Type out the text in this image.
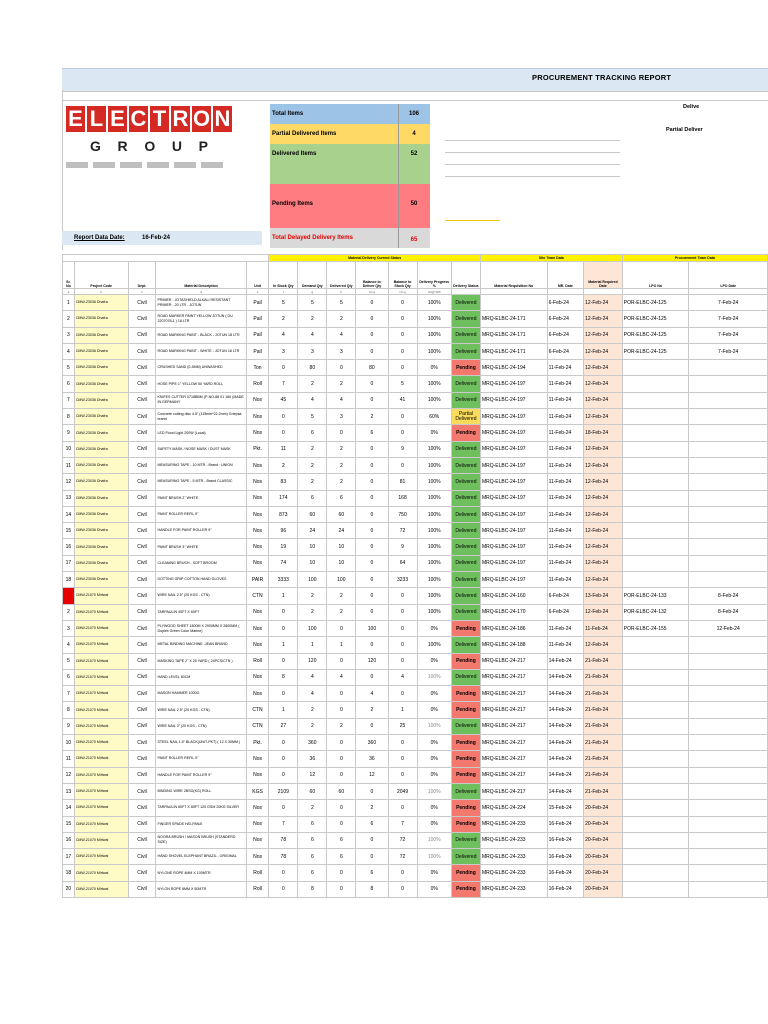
PROCUREMENT TRACKING REPORT
E L E C T R O N
G R O U P
Total Items	106
Partial Delivered Items	4
Delivered Items	52
Pending Items	50
Total Delayed Delivery Items	65
Report Data Date:	16-Feb-24
Delive
Partial Deliver
					Material Delivery Current Status							Site Team Data			Procurement Team Data	
Sr. No	Project Code	Dept.	Material Description	Unit	In Stock Qty	Demand Qty	Delivered Qty	Balance to Deliver Qty	Balance to Stock Qty	Delivery Progress %	Delivery Status	Material Requisition No	MR. Date	Material Required Date	LPO No	LPO Date
a	b	c	d	e	f	g	h	h-f-g	f-h-g	(h/g)*100						
1	CMW-23036 Dhafra	Civil	PRIMER - JOTASHIELD ALKALI RESISTANT PRIMER - 20 LTR - JOTUN	Pail	5	5	5	0	0	100%	Delivered		6-Feb-24	12-Feb-24	POR-ELBC-24-125	7-Feb-24
2	CMW-23036 Dhafra	Civil	ROAD MARKER PAINT YELLOW JOTUN ( DU 2207078-1 ) 18 LTR	Pail	2	2	2	0	0	100%	Delivered	MRQ-ELBC-24-171	6-Feb-24	12-Feb-24	POR-ELBC-24-125	7-Feb-24
3	CMW-23036 Dhafra	Civil	ROAD MARKING PAINT - BLACK - JOTUN 18 LTR	Pail	4	4	4	0	0	100%	Delivered	MRQ-ELBC-24-171	6-Feb-24	12-Feb-24	POR-ELBC-24-125	7-Feb-24
4	CMW-23036 Dhafra	Civil	ROAD MARKING PAINT - WHITE - JOTUN 18 LTR	Pail	3	3	3	0	0	100%	Delivered	MRQ-ELBC-24-171	6-Feb-24	12-Feb-24	POR-ELBC-24-125	7-Feb-24
5	CMW-23036 Dhafra	Civil	CRUSHED SAND (0-5MM) UNWASHED	Ton	0	80	0	80	0	0%	Pending	MRQ-ELBC-24-194	11-Feb-24	12-Feb-24		
6	CMW-23036 Dhafra	Civil	HOSE PIPE 1" YELLOW 50 YARD ROLL	Roll	7	2	2	0	5	100%	Delivered	MRQ-ELBC-24-197	11-Feb-24	12-Feb-24		
7	CMW-23036 Dhafra	Civil	KNIFES CUTTER 0718BBM (P-NO-88 01 180 (MADE IN GERMANY	Nos	45	4	4	0	41	100%	Delivered	MRQ-ELBC-24-197	11-Feb-24	12-Feb-24		
8	CMW-23036 Dhafra	Civil	Concrete cutting disc 4.5" (115mm*22.2mm) Griepsa brand	Nos	0	5	3	2	0	60%	Partial Delivered	MRQ-ELBC-24-197	11-Feb-24	12-Feb-24		
9	CMW-23036 Dhafra	Civil	LED Flood Light 200W (Local)	Nos	0	6	0	6	0	0%	Pending	MRQ-ELBC-24-197	11-Feb-24	18-Feb-24		
10	CMW-23036 Dhafra	Civil	SAFETY MASK / NOSE MASK / DUST MASK	Pkt.	11	2	2	0	9	100%	Delivered	MRQ-ELBC-24-197	11-Feb-24	12-Feb-24		
11	CMW-23036 Dhafra	Civil	MEASURING TAPE - 10 MTR - Brand : UNION	Nos	2	2	2	0	0	100%	Delivered	MRQ-ELBC-24-197	11-Feb-24	12-Feb-24		
12	CMW-23036 Dhafra	Civil	MEASURING TAPE - 5 MTR - Brand CLASSIC	Nos	83	2	2	0	81	100%	Delivered	MRQ-ELBC-24-197	11-Feb-24	12-Feb-24		
13	CMW-23036 Dhafra	Civil	PAINT BRUSH 2" WHITE	Nos	174	6	6	0	168	100%	Delivered	MRQ-ELBC-24-197	11-Feb-24	12-Feb-24		
14	CMW-23036 Dhafra	Civil	PAINT ROLLER REFIL 9"	Nos	873	60	60	0	750	100%	Delivered	MRQ-ELBC-24-197	11-Feb-24	12-Feb-24		
15	CMW-23036 Dhafra	Civil	HANDLE FOR PAINT ROLLER 9"	Nos	96	24	24	0	72	100%	Delivered	MRQ-ELBC-24-197	11-Feb-24	12-Feb-24		
16	CMW-23036 Dhafra	Civil	PAINT BRUSH 3" WHITE	Nos	19	10	10	0	9	100%	Delivered	MRQ-ELBC-24-197	11-Feb-24	12-Feb-24		
17	CMW-23036 Dhafra	Civil	CLEANING BRUSH - SOFT BROOM	Nos	74	10	10	0	64	100%	Delivered	MRQ-ELBC-24-197	11-Feb-24	12-Feb-24		
18	CMW-23036 Dhafra	Civil	DOTTING GRIP COTTON HAND GLOVES	PAIR	3333	100	100	0	3233	100%	Delivered	MRQ-ELBC-24-197	11-Feb-24	12-Feb-24		
	CMW-21070 Mirfwal	Civil	WIRE NAIL 2.5" (20 KGS - CTN)	CTN	1	2	2	0	0	100%	Delivered	MRQ-ELBC-24-160	6-Feb-24	13-Feb-24	POR-ELBC-24-133	8-Feb-24
2	CMW-21070 Mirfwal	Civil	TARPAULIN 40FT X 60FT	Nos	0	2	2	0	0	100%	Delivered	MRQ-ELBC-24-170	6-Feb-24	12-Feb-24	POR-ELBC-24-132	8-Feb-24
3	CMW-21070 Mirfwal	Civil	PLYWOOD SHEET 1800M X 2900MM X 2800MM ( Duplex Green Color Marine)	Nos	0	100	0	100	0	0%	Pending	MRQ-ELBC-24-186	11-Feb-24	11-Feb-24	POR-ELBC-24-155	12-Feb-24
4	CMW-21070 Mirfwal	Civil	METAL BINDING MACHINE -JEAN BRAND	Nos	1	1	1	0	0	100%	Delivered	MRQ-ELBC-24-188	11-Feb-24	12-Feb-24		
5	CMW-21070 Mirfwal	Civil	MASKING TAPE 2" X 25 YARD ( 24PCS/CTN )	Roll	0	120	0	120	0	0%	Pending	MRQ-ELBC-24-217	14-Feb-24	21-Feb-24		
6	CMW-21070 Mirfwal	Civil	HAND LEVEL 60CM	Nos	8	4	4	0	4	100%	Delivered	MRQ-ELBC-24-217	14-Feb-24	21-Feb-24		
7	CMW-21070 Mirfwal	Civil	MASON HAMMER 1000G	Nos	0	4	0	4	0	0%	Pending	MRQ-ELBC-24-217	14-Feb-24	21-Feb-24		
8	CMW-21070 Mirfwal	Civil	WIRE NAIL 2.5" (20 KGS - CTN)	CTN	1	2	0	2	1	0%	Pending	MRQ-ELBC-24-217	14-Feb-24	21-Feb-24		
9	CMW-21070 Mirfwal	Civil	WIRE NAIL 3" (20 KGS - CTN)	CTN	27	2	2	0	25	100%	Delivered	MRQ-ELBC-24-217	14-Feb-24	21-Feb-24		
10	CMW-21070 Mirfwal	Civil	STEEL NAIL 1.5" BLACK(UNIT-PKT) ( 12 X 30MM )	Pkt.	0	360	0	360	0	0%	Pending	MRQ-ELBC-24-217	14-Feb-24	21-Feb-24		
11	CMW-21070 Mirfwal	Civil	PAINT ROLLER REFIL 9"	Nos	0	36	0	36	0	0%	Pending	MRQ-ELBC-24-217	14-Feb-24	21-Feb-24		
12	CMW-21070 Mirfwal	Civil	HANDLE FOR PAINT ROLLER 9"	Nos	0	12	0	12	0	0%	Pending	MRQ-ELBC-24-217	14-Feb-24	21-Feb-24		
13	CMW-21070 Mirfwal	Civil	BINDING WIRE 2BSG(KG) ROLL	KGS	2109	60	60	0	2049	100%	Delivered	MRQ-ELBC-24-217	14-Feb-24	21-Feb-24		
14	CMW-21070 Mirfwal	Civil	TARPAULIN 60FT X 80FT 120 GSM 20KG SILVER	Nos	0	2	0	2	0	0%	Pending	MRQ-ELBC-24-224	15-Feb-24	20-Feb-24		
15	CMW-21070 Mirfwal	Civil	FINGER SPADE H/D-PANJI	Nos	7	6	0	6	7	0%	Pending	MRQ-ELBC-24-233	16-Feb-24	20-Feb-24		
16	CMW-21070 Mirfwal	Civil	NOORA BRUSH / MASON BRUSH (STANDERD SIZE)	Nos	78	6	6	0	72	100%	Delivered	MRQ-ELBC-24-233	16-Feb-24	20-Feb-24		
17	CMW-21070 Mirfwal	Civil	HAND SHOVEL ELEPHANT BRAZIL - ORIGINAL	Nos	78	6	6	0	72	100%	Delivered	MRQ-ELBC-24-233	16-Feb-24	20-Feb-24		
18	CMW-21070 Mirfwal	Civil	NYLONE ROPE 4MM X 100MTR	Roll	0	6	0	6	0	0%	Pending	MRQ-ELBC-24-233	16-Feb-24	20-Feb-24		
20	CMW-21070 Mirfwal	Civil	NYLON ROPE 8MM X 50MTR	Roll	0	8	0	8	0	0%	Pending	MRQ-ELBC-24-233	16-Feb-24	20-Feb-24		
